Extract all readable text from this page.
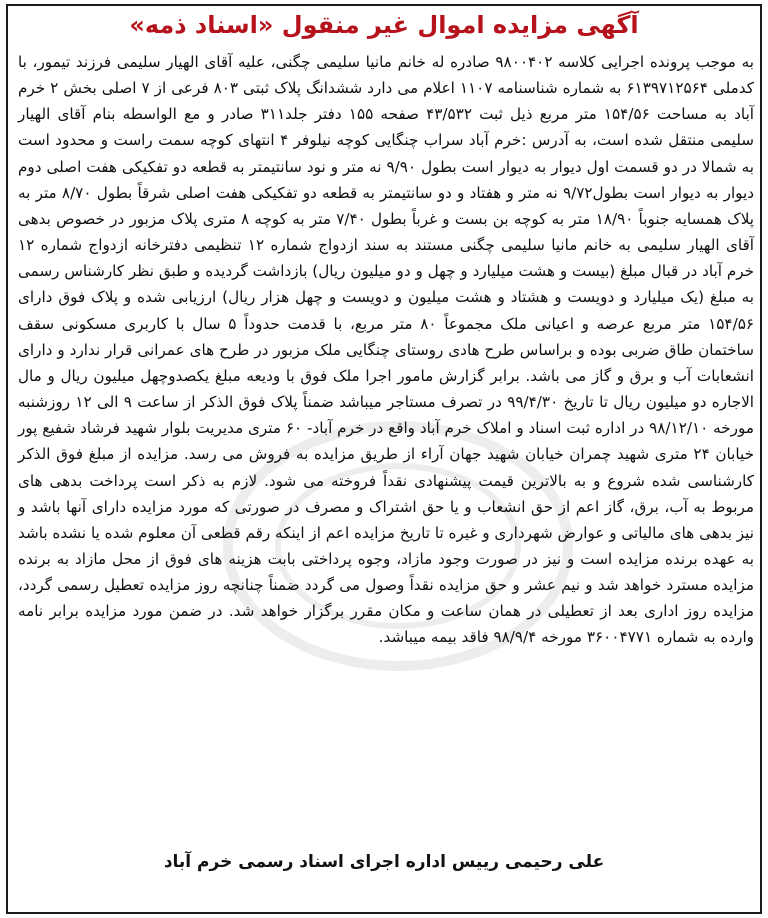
آگهی مزایده اموال غیر منقول «اسناد ذمه»

به موجب پرونده اجرایی کلاسه ۹۸۰۰۴۰۲ صادره له خانم مانیا سلیمی چگنی، علیه آقای الهیار سلیمی فرزند تیمور، با کدملی ۶۱۳۹۷۱۲۵۶۴ به شماره شناسنامه ۱۱۰۷ اعلام می دارد ششدانگ پلاک ثبتی ۸۰۳ فرعی از ۷ اصلی بخش ۲ خرم آباد به مساحت ۱۵۴/۵۶ متر مربع ذیل ثبت ۴۳/۵۳۲ صفحه ۱۵۵ دفتر جلد۳۱۱ صادر و مع الواسطه بنام آقای الهیار سلیمی منتقل شده است، به آدرس :خرم آباد سراب چنگایی کوچه نیلوفر ۴ انتهای کوچه سمت راست و محدود است به شمالا در دو قسمت اول دیوار به دیوار است بطول ۹/۹۰ نه متر و نود سانتیمتر به قطعه دو تفکیکی هفت اصلی دوم دیوار به دیوار است بطول۹/۷۲ نه متر و هفتاد و دو سانتیمتر به قطعه دو تفکیکی هفت اصلی شرقاً بطول ۸/۷۰ متر به پلاک همسایه جنوباً ۱۸/۹۰ متر به کوچه بن بست و غرباً بطول ۷/۴۰ متر به کوچه ۸ متری پلاک مزبور در خصوص بدهی آقای الهیار سلیمی به خانم مانیا سلیمی چگنی مستند به سند ازدواج شماره ۱۲ تنظیمی دفترخانه ازدواج شماره ۱۲ خرم آباد در قبال مبلغ (بیست و هشت میلیارد و چهل و دو میلیون ریال) بازداشت گردیده و طبق نظر کارشناس رسمی به مبلغ (یک میلیارد و دویست و هشتاد و هشت میلیون و دویست و چهل هزار ریال) ارزیابی شده و پلاک فوق دارای ۱۵۴/۵۶ متر مربع عرصه و اعیانی ملک مجموعاً ۸۰ متر مربع، با قدمت حدوداً ۵ سال با کاربری مسکونی سقف ساختمان طاق ضربی بوده و براساس طرح هادی روستای چنگایی ملک مزبور در طرح های عمرانی قرار ندارد و دارای انشعابات آب و برق و گاز می باشد. برابر گزارش مامور اجرا ملک فوق با ودیعه مبلغ یکصدوچهل میلیون ریال و مال الاجاره دو میلیون ریال تا تاریخ ۹۹/۴/۳۰ در تصرف مستاجر میباشد ضمناً پلاک فوق الذکر از ساعت ۹ الی ۱۲ روزشنبه مورخه ۹۸/۱۲/۱۰ در اداره ثبت اسناد و املاک خرم آباد واقع در خرم آباد- ۶۰ متری مدیریت بلوار شهید فرشاد شفیع پور خیابان ۲۴ متری شهید چمران خیابان شهید جهان آراء از طریق مزایده به فروش می رسد. مزایده از مبلغ فوق الذکر کارشناسی شده شروع و به بالاترین قیمت پیشنهادی نقداً فروخته می شود. لازم به ذکر است پرداخت بدهی های مربوط به آب، برق، گاز اعم از حق انشعاب و یا حق اشتراک و مصرف در صورتی که مورد مزایده دارای آنها باشد و نیز بدهی های مالیاتی و عوارض شهرداری و غیره تا تاریخ مزایده اعم از اینکه رقم قطعی آن معلوم شده یا نشده باشد به عهده برنده مزایده است و نیز در صورت وجود مازاد، وجوه پرداختی بابت هزینه های فوق از محل مازاد به برنده مزایده مسترد خواهد شد و نیم عشر و حق مزایده نقداً وصول می گردد ضمناً چنانچه روز مزایده تعطیل رسمی گردد، مزایده روز اداری بعد از تعطیلی در همان ساعت و مکان مقرر برگزار خواهد شد. در ضمن مورد مزایده برابر نامه وارده به شماره ۳۶۰۰۴۷۷۱ مورخه ۹۸/۹/۴ فاقد بیمه میباشد.

علی رحیمی رییس اداره اجرای اسناد رسمی خرم آباد
